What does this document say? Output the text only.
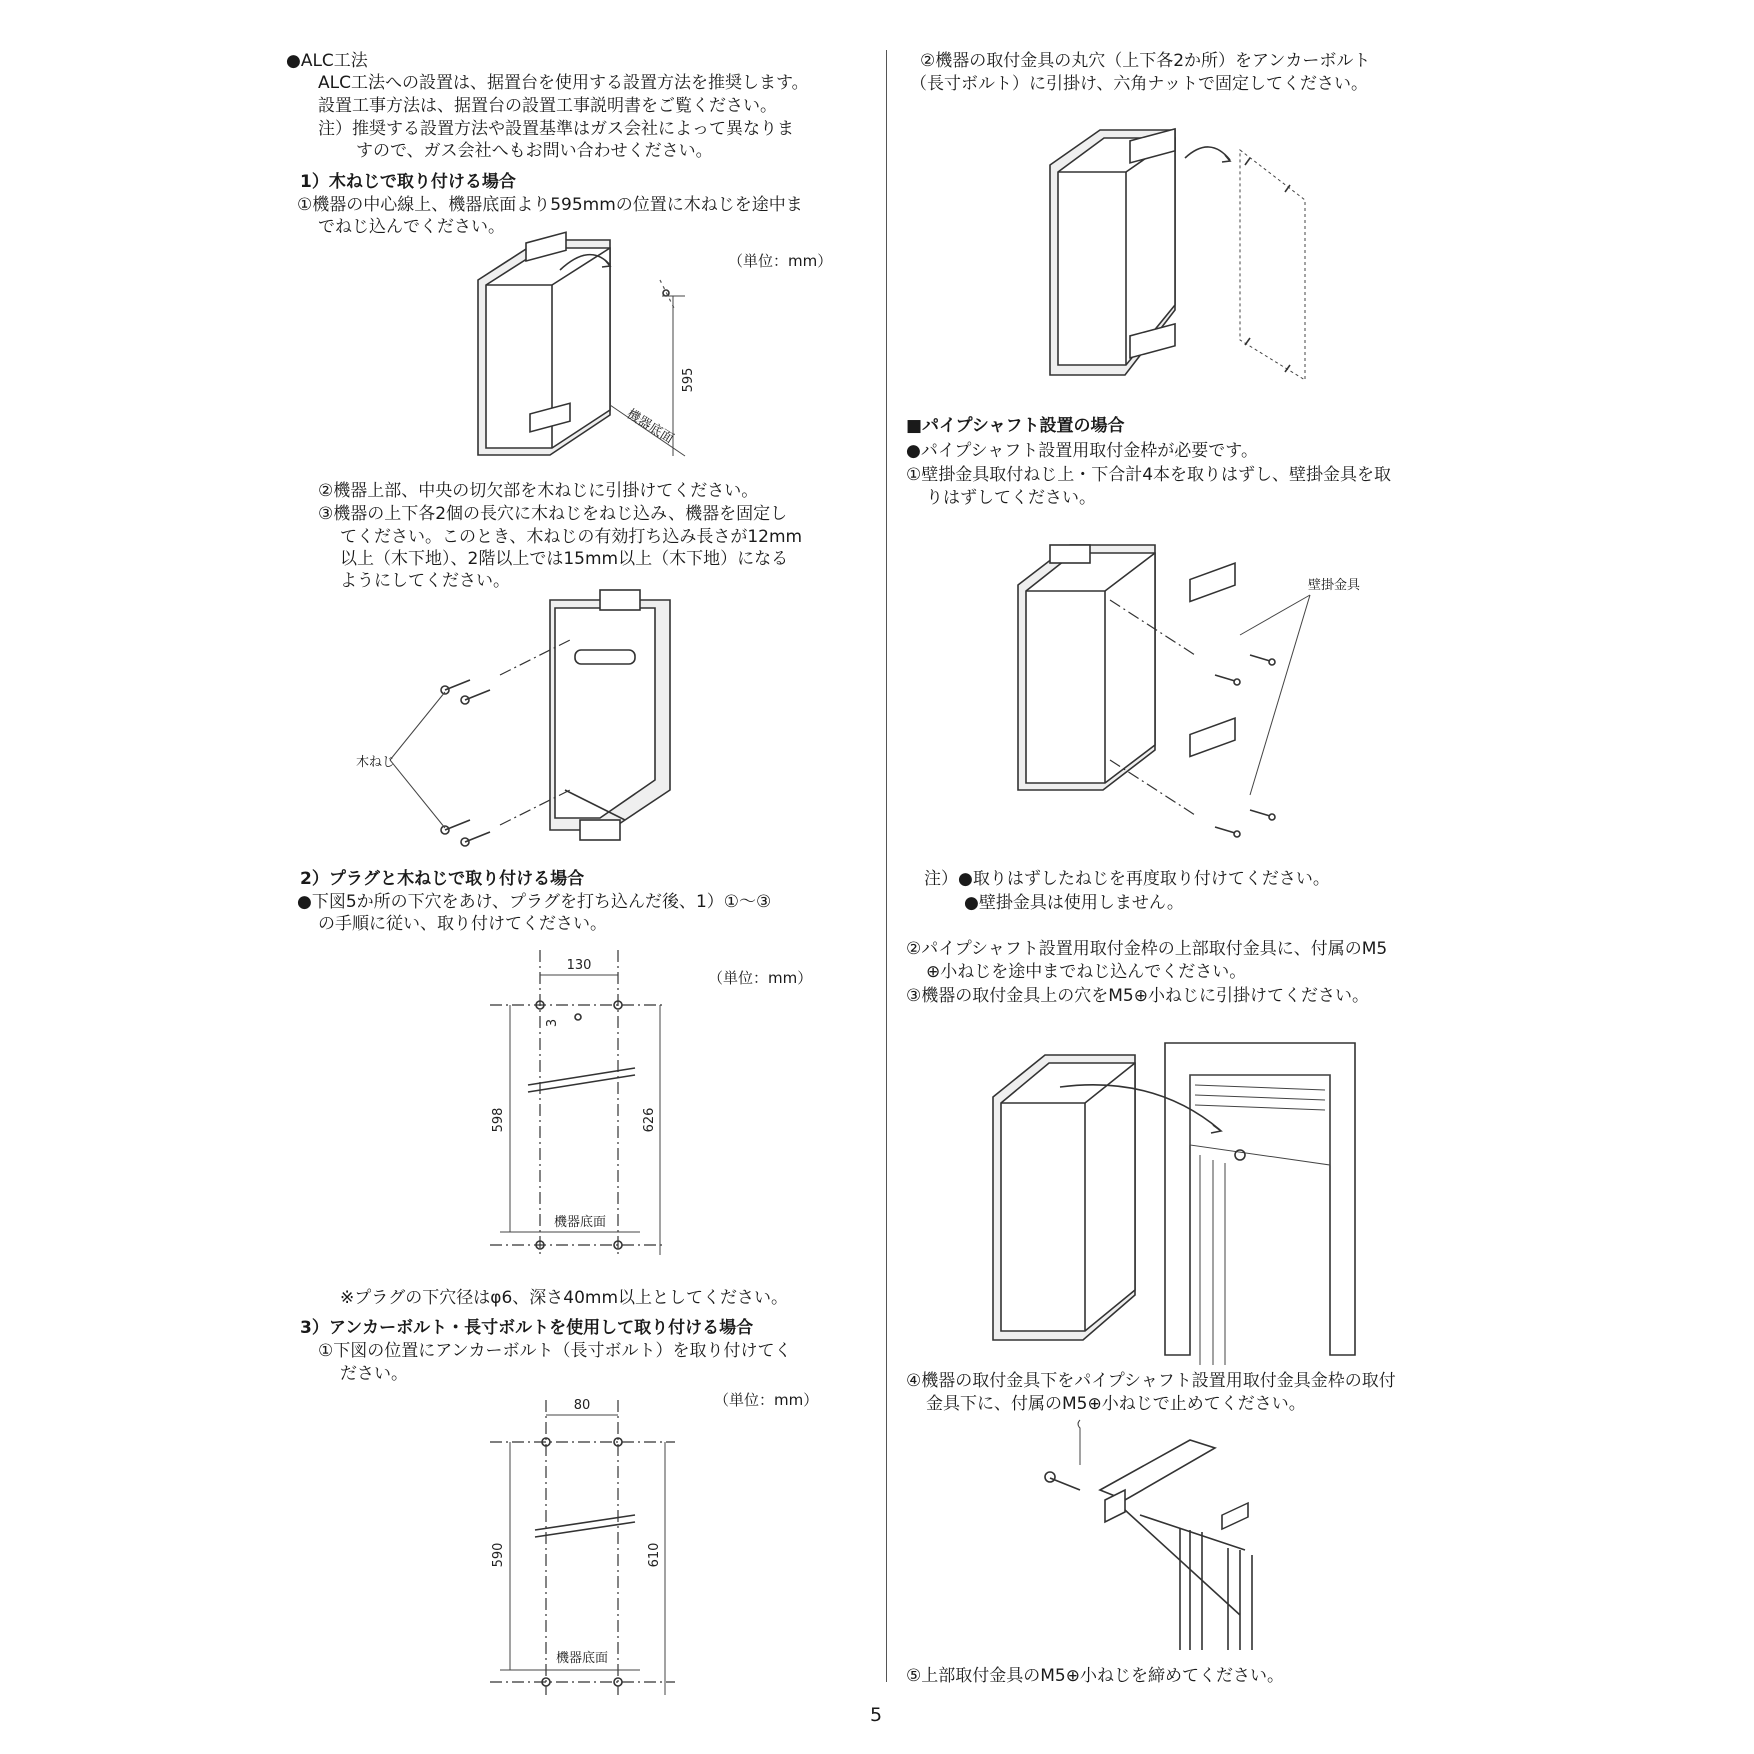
●ALC工法
ALC工法への設置は、据置台を使用する設置方法を推奨します。
設置工事方法は、据置台の設置工事説明書をご覧ください。
注）推奨する設置方法や設置基準はガス会社によって異なりま
すので、ガス会社へもお問い合わせください。
1）木ねじで取り付ける場合
①機器の中心線上、機器底面より595mmの位置に木ねじを途中ま
でねじ込んでください。
（単位：mm）
②機器上部、中央の切欠部を木ねじに引掛けてください。
③機器の上下各2個の長穴に木ねじをねじ込み、機器を固定し
てください。このとき、木ねじの有効打ち込み長さが12mm
以上（木下地）、2階以上では15mm以上（木下地）になる
ようにしてください。
木ねじ
2）プラグと木ねじで取り付ける場合
●下図5か所の下穴をあけ、プラグを打ち込んだ後、1）①～③
の手順に従い、取り付けてください。
（単位：mm）
※プラグの下穴径はφ6、深さ40mm以上としてください。
3）アンカーボルト・長寸ボルトを使用して取り付ける場合
①下図の位置にアンカーボルト（長寸ボルト）を取り付けてく
ださい。
（単位：mm）
②機器の取付金具の丸穴（上下各2か所）をアンカーボルト
（長寸ボルト）に引掛け、六角ナットで固定してください。
■パイプシャフト設置の場合
●パイプシャフト設置用取付金枠が必要です。
①壁掛金具取付ねじ上・下合計4本を取りはずし、壁掛金具を取
りはずしてください。
壁掛金具
注）●取りはずしたねじを再度取り付けてください。
●壁掛金具は使用しません。
②パイプシャフト設置用取付金枠の上部取付金具に、付属のM5
⊕小ねじを途中までねじ込んでください。
③機器の取付金具上の穴をM5⊕小ねじに引掛けてください。
④機器の取付金具下をパイプシャフト設置用取付金具金枠の取付
金具下に、付属のM5⊕小ねじで止めてください。
⑤上部取付金具のM5⊕小ねじを締めてください。
5
595
機器底面
130
3
598	626
機器底面
80
590	610
機器底面
